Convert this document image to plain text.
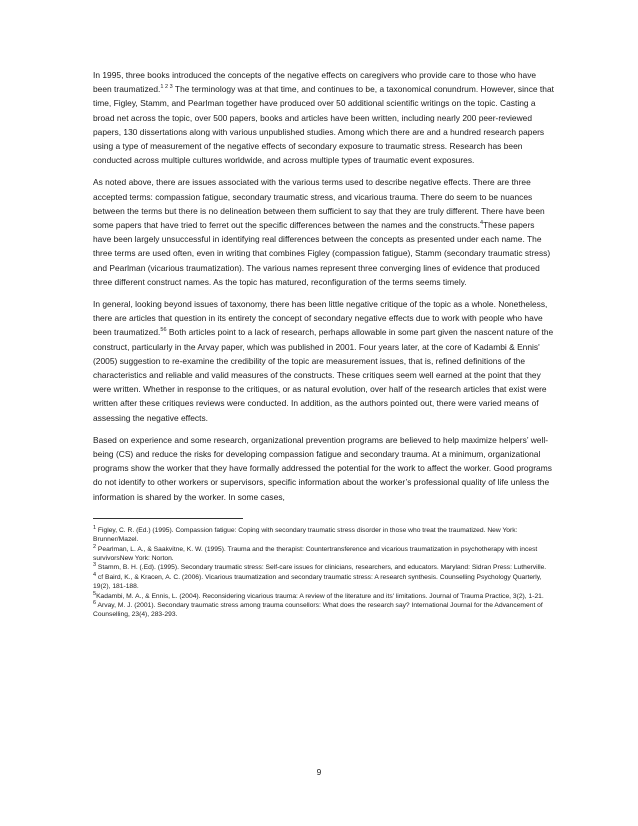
In 1995, three books introduced the concepts of the negative effects on caregivers who provide care to those who have been traumatized.$^{1 2 3}$ The terminology was at that time, and continues to be, a taxonomical conundrum. However, since that time, Figley, Stamm, and Pearlman together have produced over 50 additional scientific writings on the topic. Casting a broad net across the topic, over 500 papers, books and articles have been written, including nearly 200 peer-reviewed papers, 130 dissertations along with various unpublished studies. Among which there are and a hundred research papers using a type of measurement of the negative effects of secondary exposure to traumatic stress. Research has been conducted across multiple cultures worldwide, and across multiple types of traumatic event exposures.
As noted above, there are issues associated with the various terms used to describe negative effects. There are three accepted terms: compassion fatigue, secondary traumatic stress, and vicarious trauma. There do seem to be nuances between the terms but there is no delineation between them sufficient to say that they are truly different. There have been some papers that have tried to ferret out the specific differences between the names and the constructs.$^4$These papers have been largely unsuccessful in identifying real differences between the concepts as presented under each name. The three terms are used often, even in writing that combines Figley (compassion fatigue), Stamm (secondary traumatic stress) and Pearlman (vicarious traumatization). The various names represent three converging lines of evidence that produced three different construct names. As the topic has matured, reconfiguration of the terms seems timely.
In general, looking beyond issues of taxonomy, there has been little negative critique of the topic as a whole. Nonetheless, there are articles that question in its entirety the concept of secondary negative effects due to work with people who have been traumatized.$^{56}$ Both articles point to a lack of research, perhaps allowable in some part given the nascent nature of the construct, particularly in the Arvay paper, which was published in 2001. Four years later, at the core of Kadambi & Ennis' (2005) suggestion to re-examine the credibility of the topic are measurement issues, that is, refined definitions of the characteristics and reliable and valid measures of the constructs. These critiques seem well earned at the point that they were written. Whether in response to the critiques, or as natural evolution, over half of the research articles that exist were written after these critiques reviews were conducted. In addition, as the authors pointed out, there were varied means of assessing the negative effects.
Based on experience and some research, organizational prevention programs are believed to help maximize helpers’ well-being (CS) and reduce the risks for developing compassion fatigue and secondary trauma. At a minimum, organizational programs show the worker that they have formally addressed the potential for the work to affect the worker. Good programs do not identify to other workers or supervisors, specific information about the worker’s professional quality of life unless the information is shared by the worker. In some cases,
$^1$ Figley, C. R. (Ed.) (1995). Compassion fatigue: Coping with secondary traumatic stress disorder in those who treat the traumatized. New York: Brunner/Mazel.
$^2$ Pearlman, L. A., & Saakvitne, K. W. (1995). Trauma and the therapist: Countertransference and vicarious traumatization in psychotherapy with incest survivorsNew York: Norton.
$^3$ Stamm, B. H. (.Ed). (1995). Secondary traumatic stress: Self-care issues for clinicians, researchers, and educators. Maryland: Sidran Press: Lutherville.
$^4$ cf Baird, K., & Kracen, A. C. (2006). Vicarious traumatization and secondary traumatic stress: A research synthesis. Counselling Psychology Quarterly, 19(2), 181-188.
$^5$Kadambi, M. A., & Ennis, L. (2004). Reconsidering vicarious trauma: A review of the literature and its' limitations. Journal of Trauma Practice, 3(2), 1-21.
$^6$ Arvay, M. J. (2001). Secondary traumatic stress among trauma counsellors: What does the research say? International Journal for the Advancement of Counselling, 23(4), 283-293.
9
